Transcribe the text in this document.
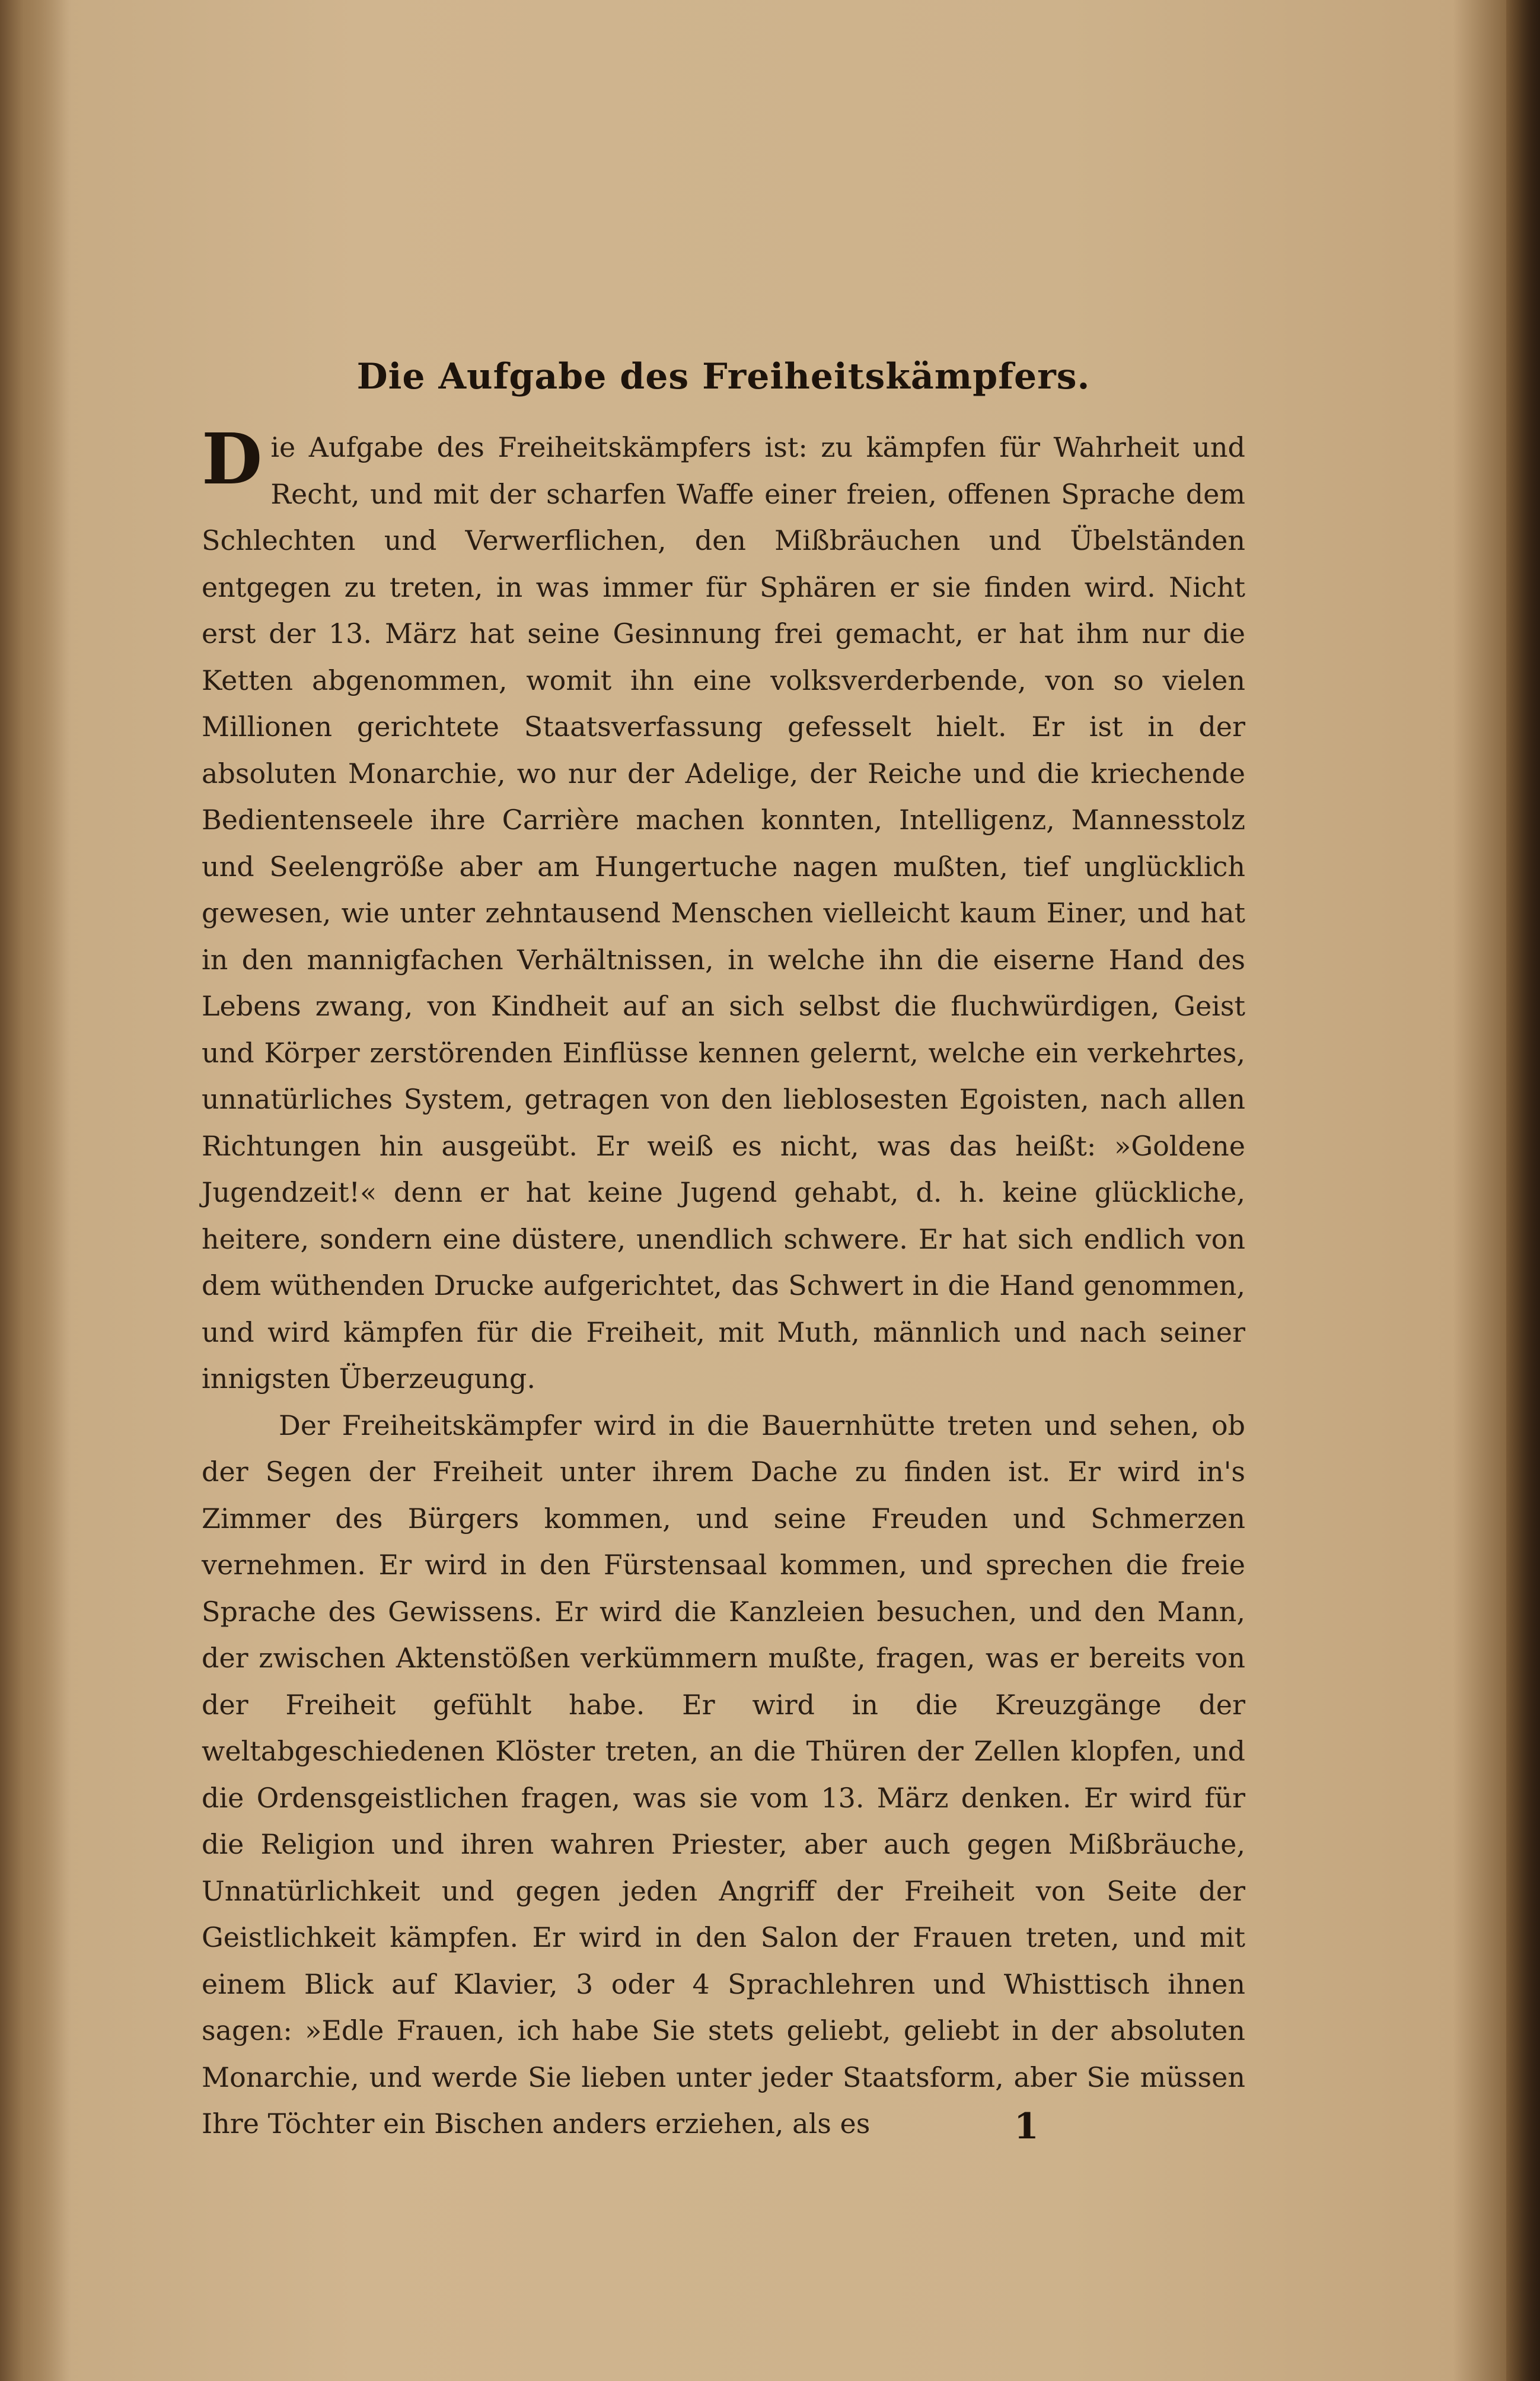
Die Aufgabe des Freiheitskämpfers.

Die Aufgabe des Freiheitskämpfers ist: zu kämpfen für Wahrheit und Recht, und mit der scharfen Waffe einer freien, offenen Sprache dem Schlechten und Verwerflichen, den Mißbräuchen und Übelständen entgegen zu treten, in was immer für Sphären er sie finden wird. Nicht erst der 13. März hat seine Gesinnung frei gemacht, er hat ihm nur die Ketten abgenommen, womit ihn eine volksverderbende, von so vielen Millionen gerichtete Staatsverfassung gefesselt hielt. Er ist in der absoluten Monarchie, wo nur der Adelige, der Reiche und die kriechende Bedientenseele ihre Carrière machen konnten, Intelligenz, Mannesstolz und Seelengröße aber am Hungertuche nagen mußten, tief unglücklich gewesen, wie unter zehntausend Menschen vielleicht kaum Einer, und hat in den mannigfachen Verhältnissen, in welche ihn die eiserne Hand des Lebens zwang, von Kindheit auf an sich selbst die fluchwürdigen, Geist und Körper zerstörenden Einflüsse kennen gelernt, welche ein verkehrtes, unnatürliches System, getragen von den lieblosesten Egoisten, nach allen Richtungen hin ausgeübt. Er weiß es nicht, was das heißt: »Goldene Jugendzeit!« denn er hat keine Jugend gehabt, d. h. keine glückliche, heitere, sondern eine düstere, unendlich schwere. Er hat sich endlich von dem wüthenden Drucke aufgerichtet, das Schwert in die Hand genommen, und wird kämpfen für die Freiheit, mit Muth, männlich und nach seiner innigsten Überzeugung.

Der Freiheitskämpfer wird in die Bauernhütte treten und sehen, ob der Segen der Freiheit unter ihrem Dache zu finden ist. Er wird in's Zimmer des Bürgers kommen, und seine Freuden und Schmerzen vernehmen. Er wird in den Fürstensaal kommen, und sprechen die freie Sprache des Gewissens. Er wird die Kanzleien besuchen, und den Mann, der zwischen Aktenstößen verkümmern mußte, fragen, was er bereits von der Freiheit gefühlt habe. Er wird in die Kreuzgänge der weltabgeschiedenen Klöster treten, an die Thüren der Zellen klopfen, und die Ordensgeistlichen fragen, was sie vom 13. März denken. Er wird für die Religion und ihren wahren Priester, aber auch gegen Mißbräuche, Unnatürlichkeit und gegen jeden Angriff der Freiheit von Seite der Geistlichkeit kämpfen. Er wird in den Salon der Frauen treten, und mit einem Blick auf Klavier, 3 oder 4 Sprachlehren und Whisttisch ihnen sagen: »Edle Frauen, ich habe Sie stets geliebt, geliebt in der absoluten Monarchie, und werde Sie lieben unter jeder Staatsform, aber Sie müssen Ihre Töchter ein Bischen anders erziehen, als es	1
